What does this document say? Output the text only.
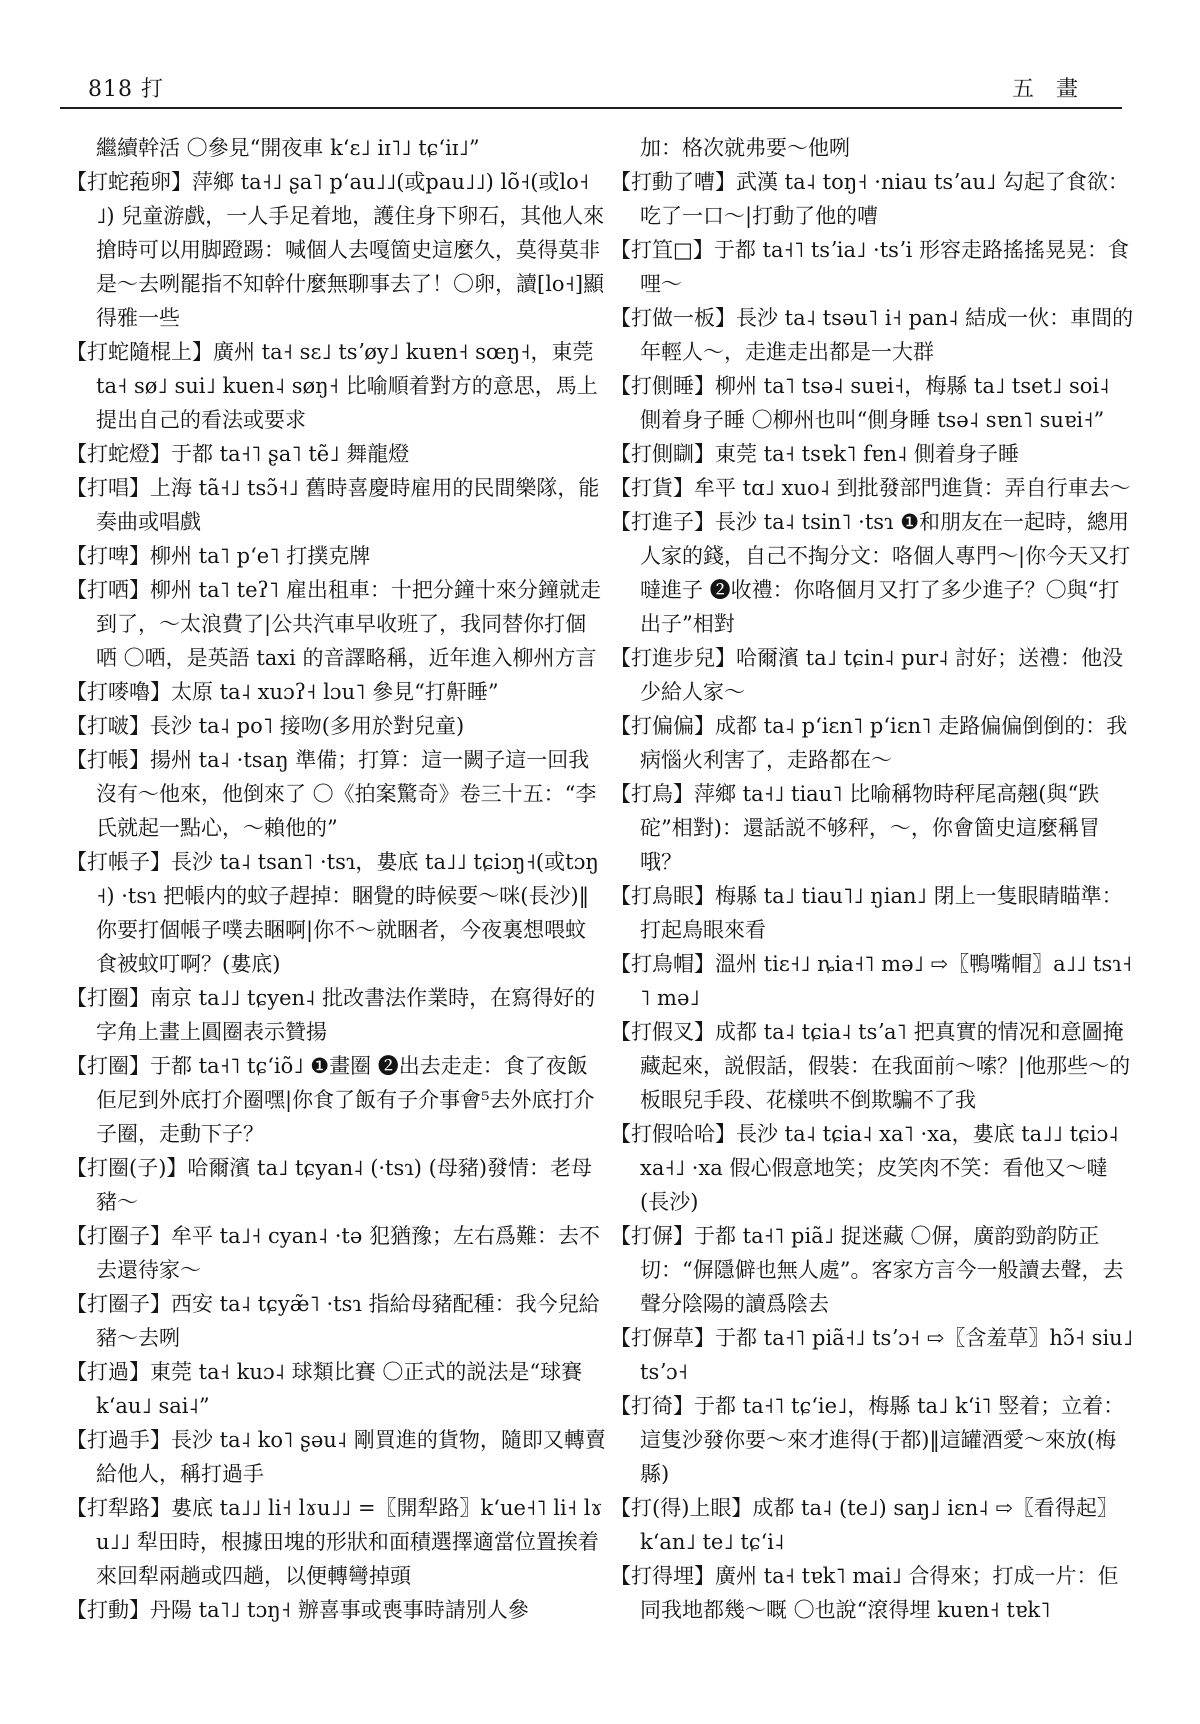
818 打	五畫

繼續幹活 〇參見“開夜車 k‘ɛ˩ iɪ˥˩ tɕ‘iɪ˩”

【打蛇菢卵】萍鄉 ta˧˩ ʂa˥ p‘au˩˩(或pau˩˩) lõ˧(或lo˧˩) 兒童游戲，一人手足着地，護住身下卵石，其他人來搶時可以用脚蹬踢：喊個人去嘎箇史這麼久，莫得莫非是～去咧罷指不知幹什麼無聊事去了！〇卵，讀[lo˧]顯得雅一些

【打蛇隨棍上】廣州 ta˧ sɛ˩ tsʼøy˩ kuɐn˧ sœŋ˧，東莞 ta˧ sø˩ sui˩ kuen˨ søŋ˧ 比喻順着對方的意思，馬上提出自己的看法或要求

【打蛇燈】于都 ta˧˥ ʂa˥ tẽ˩ 舞龍燈

【打唱】上海 tã˧˩ tsɔ̃˧˩ 舊時喜慶時雇用的民間樂隊，能奏曲或唱戲

【打啤】柳州 ta˥ p‘e˥ 打撲克牌

【打哂】柳州 ta˥ teʔ˥ 雇出租車：十把分鐘十來分鐘就走到了，～太浪費了|公共汽車早收班了，我同替你打個哂 〇哂，是英語 taxi 的音譯略稱，近年進入柳州方言

【打嘜嚕】太原 ta˨ xuɔʔ˧ lɔu˥ 參見“打鼾睡”

【打啵】長沙 ta˨ po˥ 接吻(多用於對兒童)

【打帳】揚州 ta˨ ·tsaŋ 準備；打算：這一闕子這一回我沒有～他來，他倒來了 〇《拍案驚奇》卷三十五：“李氏就起一點心，～賴他的”

【打帳子】長沙 ta˨ tsan˥ ·tsɿ，婁底 ta˩˩ tɕiɔŋ˧(或tɔŋ˧) ·tsɿ 把帳内的蚊子趕掉：睏覺的時候要～咪(長沙)‖你要打個帳子噗去睏啊|你不～就睏者，今夜裏想喂蚊食被蚊叮啊？(婁底)

【打圈】南京 ta˩˩ tɕyen˨ 批改書法作業時，在寫得好的字角上畫上圓圈表示贊揚

【打圈】于都 ta˧˥ tɕ‘iõ˩ ❶畫圈 ❷出去走走：食了夜飯佢尼到外底打介圈嘿|你食了飯有子介事會⁵去外底打介子圈，走動下子？

【打圈(子)】哈爾濱 ta˩ tɕyan˨ (·tsɿ) (母豬)發情：老母豬～

【打圈子】牟平 ta˩˧ cyan˨ ·tə 犯猶豫；左右爲難：去不去還待家～

【打圈子】西安 ta˨ tɕyæ̃˥ ·tsɿ 指給母豬配種：我今兒給豬～去咧

【打過】東莞 ta˧ kuɔ˨ 球類比賽 〇正式的説法是“球賽 k‘au˩ sai˨”

【打過手】長沙 ta˨ ko˥ ʂəu˨ 剛買進的貨物，隨即又轉賣給他人，稱打過手

【打犁路】婁底 ta˩˩ li˧ lɤu˩˩ =〖開犁路〗k‘ue˧˥ li˧ lɤu˩˩ 犁田時，根據田塊的形狀和面積選擇適當位置挨着來回犁兩趟或四趟，以便轉彎掉頭

【打動】丹陽 ta˥˩ tɔŋ˧ 辦喜事或喪事時請別人參

加：格次就弗要～他咧

【打動了嘈】武漢 ta˨ toŋ˧ ·niau tsʼau˩ 勾起了食欲：吃了一口～|打動了他的嘈

【打笡□】于都 ta˧˥ tsʼia˩ ·tsʼi 形容走路搖搖晃晃：食哩～

【打做一板】長沙 ta˨ tsəu˥ i˧ pan˨ 結成一伙：車間的年輕人～，走進走出都是一大群

【打側睡】柳州 ta˥ tsə˨ suɐi˧，梅縣 ta˩ tset˩ soi˨ 側着身子睡 〇柳州也叫“側身睡 tsə˨ sɐn˥ suɐi˧”

【打側瞓】東莞 ta˧ tsɐk˥ fɐn˨ 側着身子睡

【打貨】牟平 tɑ˩ xuo˨ 到批發部門進貨：弄自行車去～

【打進子】長沙 ta˨ tsin˥ ·tsɿ ❶和朋友在一起時，總用人家的錢，自己不掏分文：咯個人專門～|你今天又打噠進子 ❷收禮：你咯個月又打了多少進子？〇與“打出子”相對

【打進步兒】哈爾濱 ta˩ tɕin˨ pur˨ 討好；送禮：他没少給人家～

【打偏偏】成都 ta˨ p‘iɛn˥ p‘iɛn˥ 走路偏偏倒倒的：我病惱火利害了，走路都在～

【打鳥】萍鄉 ta˧˩ tiau˥ 比喻稱物時秤尾高翹(與“跌砣”相對)：還話説不够秤，～，你會箇史這麼稱冒哦？

【打鳥眼】梅縣 ta˩ tiau˥˩ ŋian˩ 閉上一隻眼睛瞄準：打起鳥眼來看

【打鳥帽】溫州 tiɛ˧˩ ȵia˧˥ mə˩ ⇨〖鴨嘴帽〗a˩˩ tsɿ˧˥ mə˩

【打假叉】成都 ta˨ tɕia˨ tsʼa˥ 把真實的情况和意圖掩藏起來，説假話，假裝：在我面前～嗦？|他那些～的板眼兒手段、花樣哄不倒欺騙不了我

【打假哈哈】長沙 ta˨ tɕia˨ xa˥ ·xa，婁底 ta˩˩ tɕiɔ˨ xa˧˩ ·xa 假心假意地笑；皮笑肉不笑：看他又～噠(長沙)

【打偋】于都 ta˧˥ piã˩ 捉迷藏 〇偋，廣韵勁韵防正切：“偋隱僻也無人處”。客家方言今一般讀去聲，去聲分陰陽的讀爲陰去

【打偋草】于都 ta˧˥ piã˧˩ tsʼɔ˧ ⇨〖含羞草〗hɔ̃˧ siu˩ tsʼɔ˧

【打徛】于都 ta˧˥ tɕ‘ie˩，梅縣 ta˩ k‘i˥ 竪着；立着：這隻沙發你要～來才進得(于都)‖這罐酒愛～來放(梅縣)

【打(得)上眼】成都 ta˨ (te˩) saŋ˩ iɛn˨ ⇨〖看得起〗k‘an˩ te˩ tɕ‘i˨

【打得埋】廣州 ta˧ tɐk˥ mai˩ 合得來；打成一片：佢同我地都幾～嘅 〇也說“滾得埋 kuɐn˧ tɐk˥
